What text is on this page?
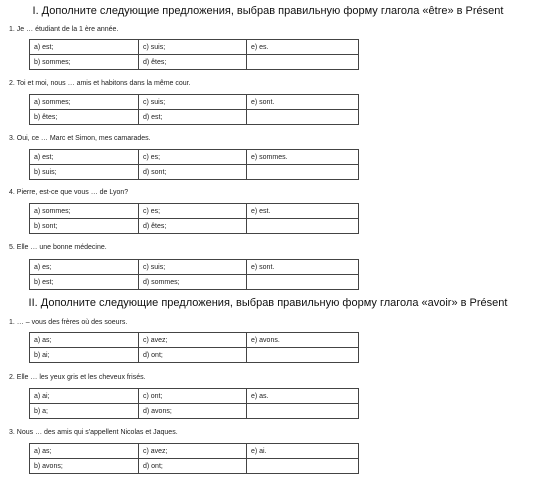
I. Дополните следующие предложения, выбрав правильную форму глагола «être» в Présent
1. Je … étudiant de la 1 ère année.
a) est;	c) suis;	e) es.
b) sommes;	d) êtes;	
2. Toi et moi, nous … amis et habitons dans la même cour.
a) sommes;	c) suis;	e) sont.
b) êtes;	d) est;	
3. Oui, ce … Marc et Simon, mes camarades.
a) est;	c) es;	e) sommes.
b) suis;	d) sont;	
4. Pierre, est-ce que vous … de Lyon?
a) sommes;	c) es;	e) est.
b) sont;	d) êtes;	
5. Elle … une bonne médecine.
a) es;	c) suis;	e) sont.
b) est;	d) sommes;	
II. Дополните следующие предложения, выбрав правильную форму глагола «avoir» в Présent
1. … – vous des frères où des soeurs.
a) as;	c) avez;	e) avons.
b) ai;	d) ont;	
2. Elle … les yeux gris et les cheveux frisés.
a) ai;	c) ont;	e) as.
b) a;	d) avons;	
3. Nous … des amis qui s'appellent Nicolas et Jaques.
a) as;	c) avez;	e) ai.
b) avons;	d) ont;	
